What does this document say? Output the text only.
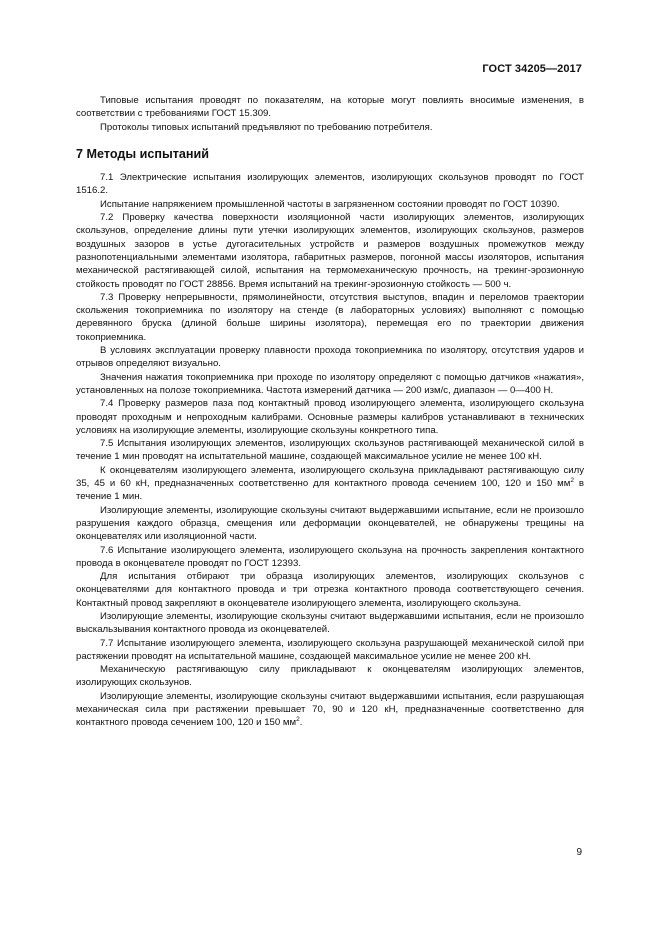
ГОСТ 34205—2017

Типовые испытания проводят по показателям, на которые могут повлиять вносимые изменения, в соответствии с требованиями ГОСТ 15.309.

Протоколы типовых испытаний предъявляют по требованию потребителя.

7 Методы испытаний

7.1 Электрические испытания изолирующих элементов, изолирующих скользунов проводят по ГОСТ 1516.2.

Испытание напряжением промышленной частоты в загрязненном состоянии проводят по ГОСТ 10390.

7.2 Проверку качества поверхности изоляционной части изолирующих элементов, изолирующих скользунов, определение длины пути утечки изолирующих элементов, изолирующих скользунов, размеров воздушных зазоров в устье дугогасительных устройств и размеров воздушных промежутков между разнопотенциальными элементами изолятора, габаритных размеров, погонной массы изоляторов, испытания механической растягивающей силой, испытания на термомеханическую прочность, на трекинг-эрозионную стойкость проводят по ГОСТ 28856. Время испытаний на трекинг-эрозионную стойкость — 500 ч.

7.3 Проверку непрерывности, прямолинейности, отсутствия выступов, впадин и переломов траектории скольжения токоприемника по изолятору на стенде (в лабораторных условиях) выполняют с помощью деревянного бруска (длиной больше ширины изолятора), перемещая его по траектории движения токоприемника.

В условиях эксплуатации проверку плавности прохода токоприемника по изолятору, отсутствия ударов и отрывов определяют визуально.

Значения нажатия токоприемника при проходе по изолятору определяют с помощью датчиков «нажатия», установленных на полозе токоприемника. Частота измерений датчика — 200 изм/с, диапазон — 0—400 Н.

7.4 Проверку размеров паза под контактный провод изолирующего элемента, изолирующего скользуна проводят проходным и непроходным калибрами. Основные размеры калибров устанавливают в технических условиях на изолирующие элементы, изолирующие скользуны конкретного типа.

7.5 Испытания изолирующих элементов, изолирующих скользунов растягивающей механической силой в течение 1 мин проводят на испытательной машине, создающей максимальное усилие не менее 100 кН.

К оконцевателям изолирующего элемента, изолирующего скользуна прикладывают растягивающую силу 35, 45 и 60 кН, предназначенных соответственно для контактного провода сечением 100, 120 и 150 $мм^2$ в течение 1 мин.

Изолирующие элементы, изолирующие скользуны считают выдержавшими испытание, если не произошло разрушения каждого образца, смещения или деформации оконцевателей, не обнаружены трещины на оконцевателях или изоляционной части.

7.6 Испытание изолирующего элемента, изолирующего скользуна на прочность закрепления контактного провода в оконцевателе проводят по ГОСТ 12393.

Для испытания отбирают три образца изолирующих элементов, изолирующих скользунов с оконцевателями для контактного провода и три отрезка контактного провода соответствующего сечения. Контактный провод закрепляют в оконцевателе изолирующего элемента, изолирующего скользуна.

Изолирующие элементы, изолирующие скользуны считают выдержавшими испытания, если не произошло выскальзывания контактного провода из оконцевателей.

7.7 Испытание изолирующего элемента, изолирующего скользуна разрушающей механической силой при растяжении проводят на испытательной машине, создающей максимальное усилие не менее 200 кН.

Механическую растягивающую силу прикладывают к оконцевателям изолирующих элементов, изолирующих скользунов.

Изолирующие элементы, изолирующие скользуны считают выдержавшими испытания, если разрушающая механическая сила при растяжении превышает 70, 90 и 120 кН, предназначенные соответственно для контактного провода сечением 100, 120 и 150 $мм^2$.

9
